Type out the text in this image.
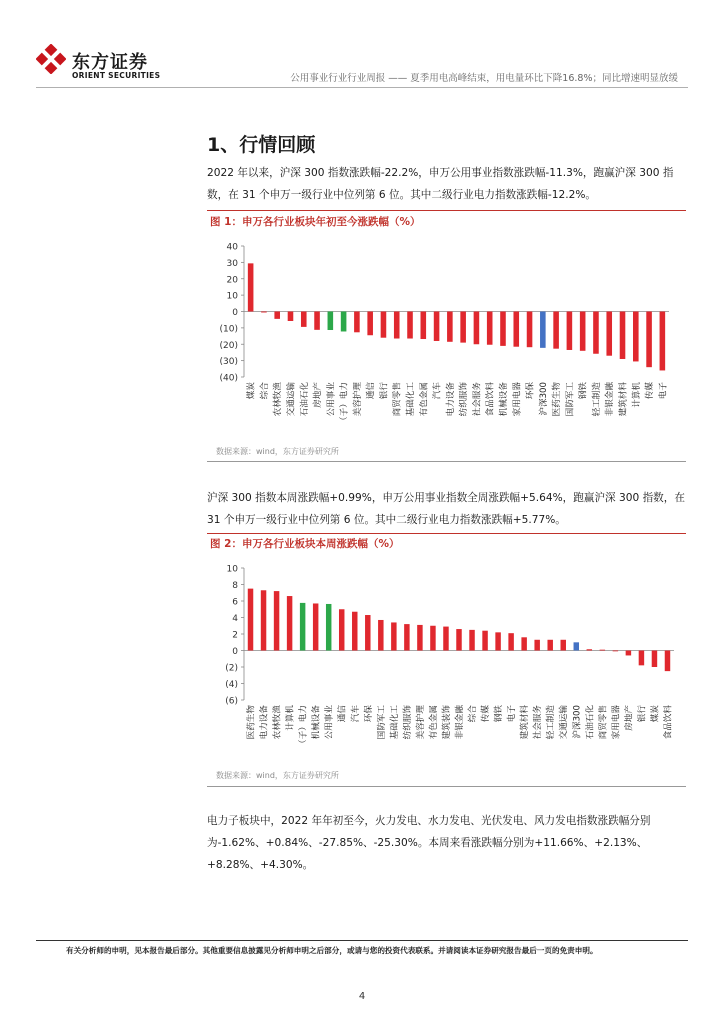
东方证券
ORIENT SECURITIES	公用事业行业行业周报 —— 夏季用电高峰结束，用电量环比下降16.8%；同比增速明显放缓
1、行情回顾

2022 年以来，沪深 300 指数涨跌幅-22.2%，申万公用事业指数涨跌幅-11.3%，跑赢沪深 300 指数，在 31 个申万一级行业中位列第 6 位。其中二级行业电力指数涨跌幅-12.2%。

图 1：申万各行业板块年初至今涨跌幅（%）
40
30
20
10
0
(10)
(20)
(30)
(40)
煤炭 综合 农林牧渔 交通运输 石油石化 房地产 公用事业 （子）电力 美容护理 通信 银行 商贸零售 基础化工 有色金属 汽车 电力设备 纺织服饰 社会服务 食品饮料 机械设备 家用电器 环保 沪深300 医药生物 国防军工 钢铁 轻工制造 非银金融 建筑材料 计算机 传媒 电子
数据来源：wind，东方证券研究所

沪深 300 指数本周涨跌幅+0.99%，申万公用事业指数全周涨跌幅+5.64%，跑赢沪深 300 指数，在 31 个申万一级行业中位列第 6 位。其中二级行业电力指数涨跌幅+5.77%。

图 2：申万各行业板块本周涨跌幅（%）
10
8
6
4
2
0
(2)
(4)
(6)
医药生物 电力设备 农林牧渔 计算机 （子）电力 机械设备 公用事业 通信 汽车 环保 国防军工 基础化工 纺织服饰 美容护理 有色金属 建筑装饰 非银金融 综合 传媒 钢铁 电子 建筑材料 社会服务 轻工制造 交通运输 沪深300 石油石化 商贸零售 家用电器 房地产 银行 煤炭 食品饮料
数据来源：wind，东方证券研究所

电力子板块中，2022 年年初至今，火力发电、水力发电、光伏发电、风力发电指数涨跌幅分别为-1.62%、+0.84%、-27.85%、-25.30%。本周来看涨跌幅分别为+11.66%、+2.13%、+8.28%、+4.30%。

有关分析师的申明，见本报告最后部分。其他重要信息披露见分析师申明之后部分，或请与您的投资代表联系。并请阅读本证券研究报告最后一页的免责申明。
4
